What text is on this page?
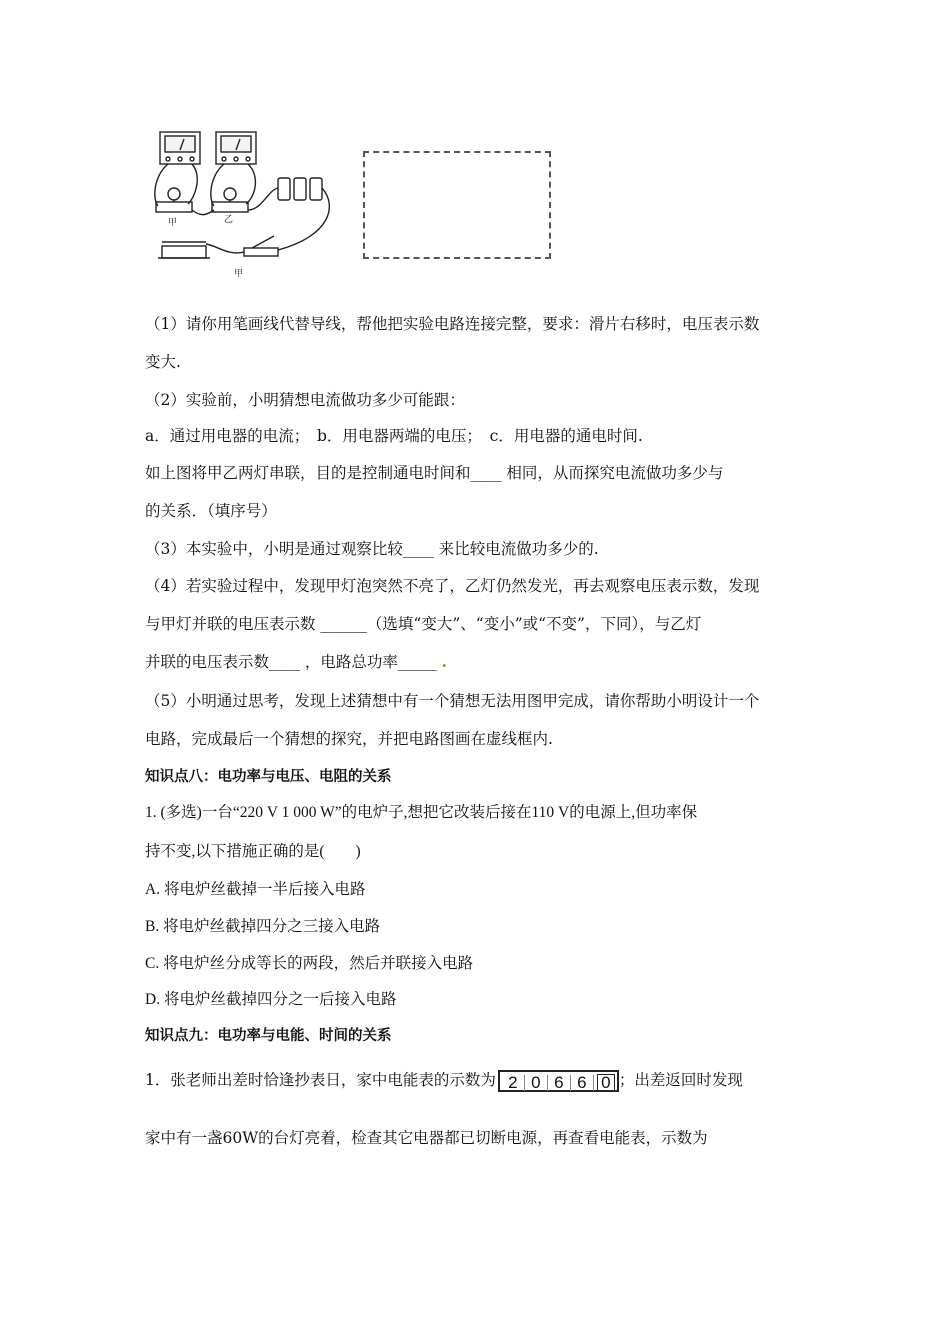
甲	乙
甲
（1）请你用笔画线代替导线，帮他把实验电路连接完整，要求：滑片右移时，电压表示数
变大.
（2）实验前，小明猜想电流做功多少可能跟：
a．通过用电器的电流；　b．用电器两端的电压；　c．用电器的通电时间.
如上图将甲乙两灯串联，目的是控制通电时间和____ 相同，从而探究电流做功多少与
的关系．（填序号）
（3）本实验中，小明是通过观察比较____ 来比较电流做功多少的.
（4）若实验过程中，发现甲灯泡突然不亮了，乙灯仍然发光，再去观察电压表示数，发现
与甲灯并联的电压表示数 ______（选填“变大”、“变小”或“不变”，下同），与乙灯
并联的电压表示数____ ，电路总功率_____ .
（5）小明通过思考，发现上述猜想中有一个猜想无法用图甲完成，请你帮助小明设计一个
电路，完成最后一个猜想的探究，并把电路图画在虚线框内.
知识点八：电功率与电压、电阻的关系
1. (多选)一台“220 V 1 000 W”的电炉子,想把它改装后接在110 V的电源上,但功率保
持不变,以下措施正确的是(　　)
A. 将电炉丝截掉一半后接入电路
B. 将电炉丝截掉四分之三接入电路
C. 将电炉丝分成等长的两段，然后并联接入电路
D. 将电炉丝截掉四分之一后接入电路
知识点九：电功率与电能、时间的关系
1．张老师出差时恰逢抄表日，家中电能表的示数为 2 0 6 6 0 ；出差返回时发现
家中有一盏60W的台灯亮着，检查其它电器都已切断电源，再查看电能表，示数为
